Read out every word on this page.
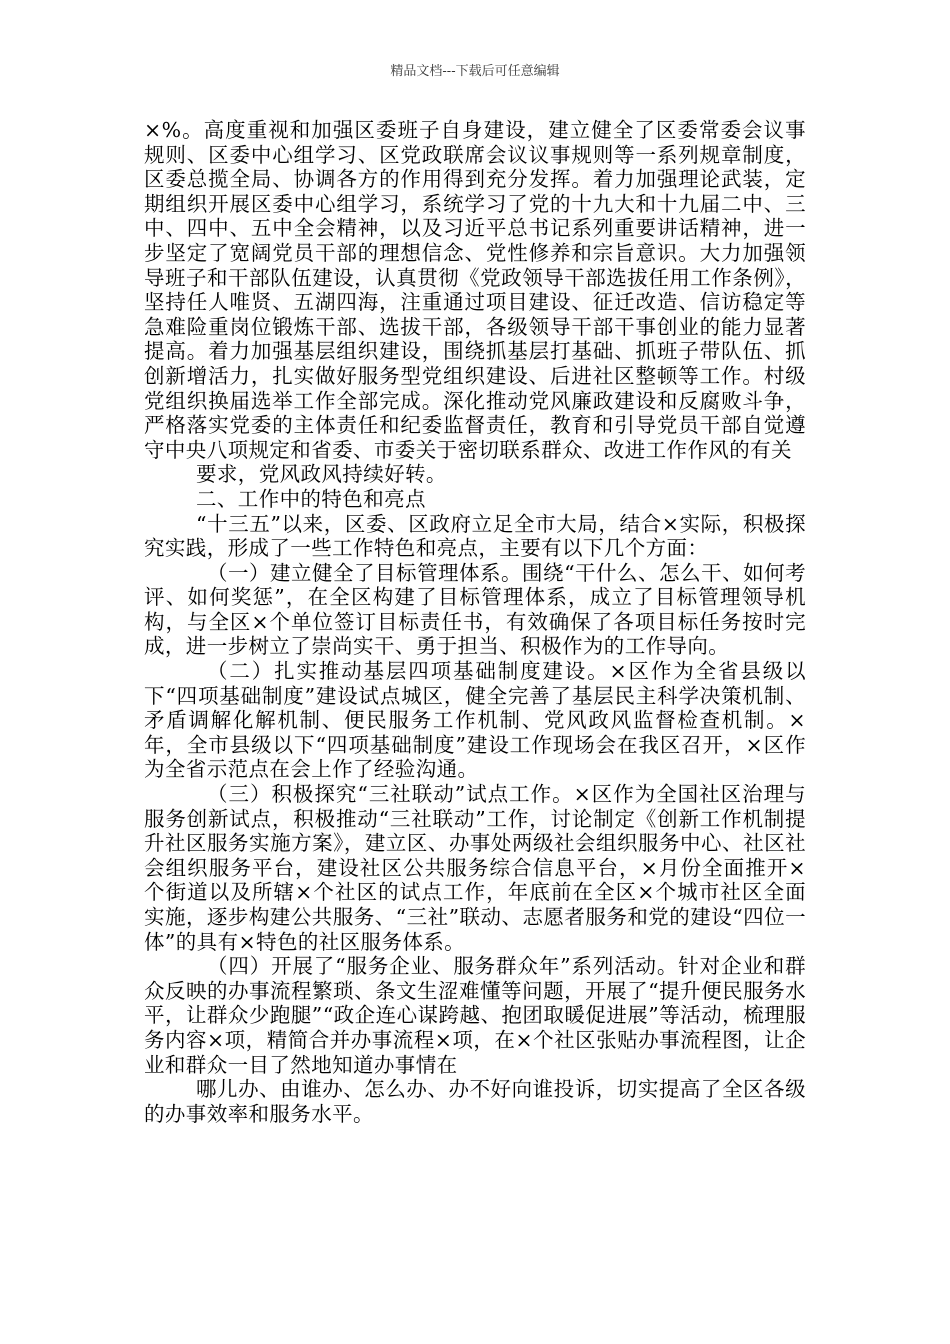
精品文档---下载后可任意编辑

×%。高度重视和加强区委班子自身建设，建立健全了区委常委会议事规则、区委中心组学习、区党政联席会议议事规则等一系列规章制度，区委总揽全局、协调各方的作用得到充分发挥。着力加强理论武装，定期组织开展区委中心组学习，系统学习了党的十九大和十九届二中、三中、四中、五中全会精神，以及习近平总书记系列重要讲话精神，进一步坚定了宽阔党员干部的理想信念、党性修养和宗旨意识。大力加强领导班子和干部队伍建设，认真贯彻《党政领导干部选拔任用工作条例》，坚持任人唯贤、五湖四海，注重通过项目建设、征迁改造、信访稳定等急难险重岗位锻炼干部、选拔干部，各级领导干部干事创业的能力显著提高。着力加强基层组织建设，围绕抓基层打基础、抓班子带队伍、抓创新增活力，扎实做好服务型党组织建设、后进社区整顿等工作。村级党组织换届选举工作全部完成。深化推动党风廉政建设和反腐败斗争，严格落实党委的主体责任和纪委监督责任，教育和引导党员干部自觉遵守中央八项规定和省委、市委关于密切联系群众、改进工作作风的有关

要求，党风政风持续好转。

二、工作中的特色和亮点

“十三五”以来，区委、区政府立足全市大局，结合×实际，积极探究实践，形成了一些工作特色和亮点，主要有以下几个方面：

（一）建立健全了目标管理体系。围绕“干什么、怎么干、如何考评、如何奖惩”，在全区构建了目标管理体系，成立了目标管理领导机构，与全区×个单位签订目标责任书，有效确保了各项目标任务按时完成，进一步树立了崇尚实干、勇于担当、积极作为的工作导向。

（二）扎实推动基层四项基础制度建设。×区作为全省县级以下“四项基础制度”建设试点城区，健全完善了基层民主科学决策机制、矛盾调解化解机制、便民服务工作机制、党风政风监督检查机制。×年，全市县级以下“四项基础制度”建设工作现场会在我区召开，×区作为全省示范点在会上作了经验沟通。

（三）积极探究“三社联动”试点工作。×区作为全国社区治理与服务创新试点，积极推动“三社联动”工作，讨论制定《创新工作机制提升社区服务实施方案》，建立区、办事处两级社会组织服务中心、社区社会组织服务平台，建设社区公共服务综合信息平台，×月份全面推开×个街道以及所辖×个社区的试点工作，年底前在全区×个城市社区全面实施，逐步构建公共服务、“三社”联动、志愿者服务和党的建设“四位一体”的具有×特色的社区服务体系。

（四）开展了“服务企业、服务群众年”系列活动。针对企业和群众反映的办事流程繁琐、条文生涩难懂等问题，开展了“提升便民服务水平，让群众少跑腿”“政企连心谋跨越、抱团取暖促进展”等活动，梳理服务内容×项，精简合并办事流程×项，在×个社区张贴办事流程图，让企业和群众一目了然地知道办事情在

哪儿办、由谁办、怎么办、办不好向谁投诉，切实提高了全区各级的办事效率和服务水平。
